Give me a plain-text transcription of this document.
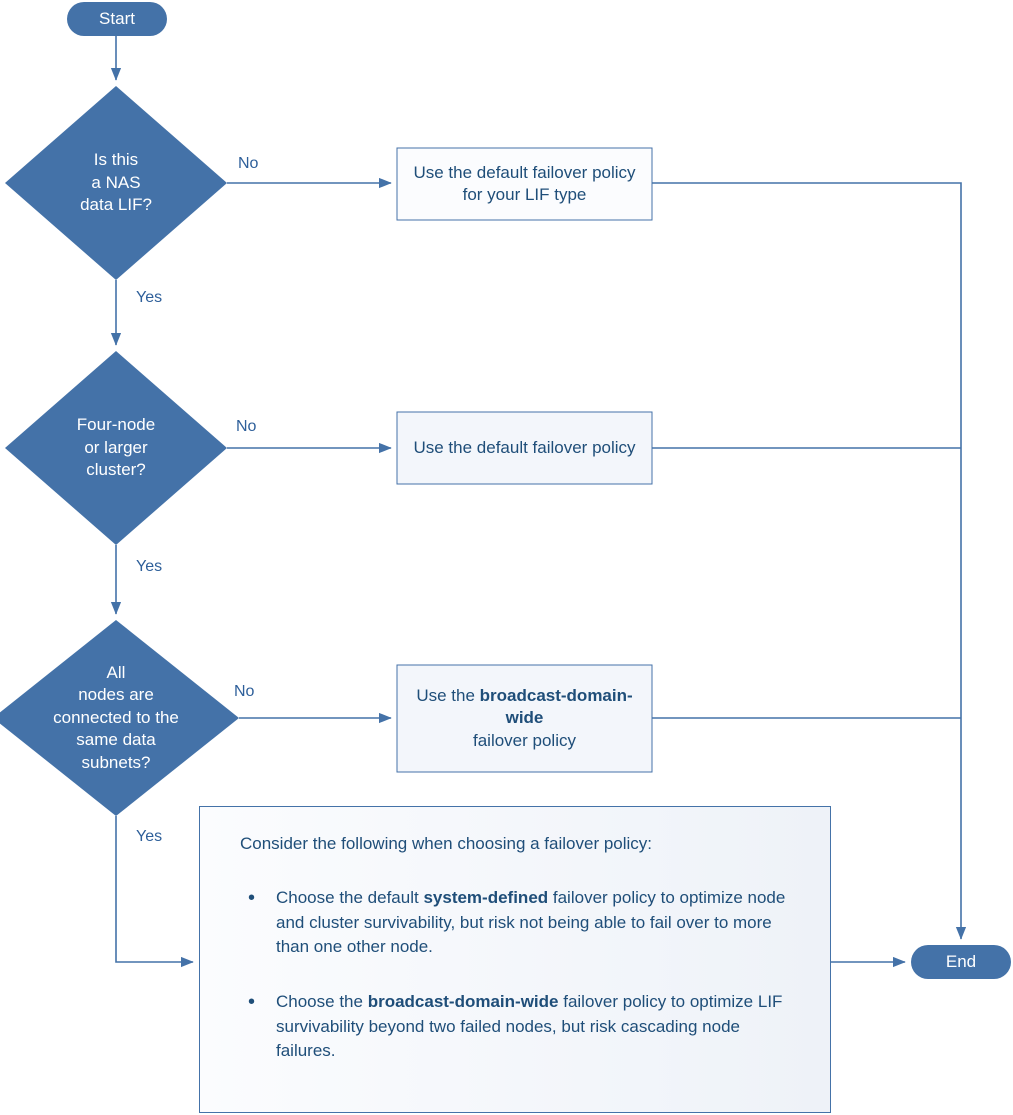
Start
End
Is this
a NAS
data LIF?
Four-node
or larger
cluster?
All
nodes are
connected to the
same data
subnets?
Use the default failover policy for your LIF type
Use the default failover policy
Use the broadcast-domain-wide
failover policy
No
Yes
No
Yes
No
Yes	Consider the following when choosing a failover policy:

• Choose the default system-defined failover policy to optimize node and cluster survivability, but risk not being able to fail over to more than one other node.
• Choose the broadcast-domain-wide failover policy to optimize LIF survivability beyond two failed nodes, but risk cascading node failures.
